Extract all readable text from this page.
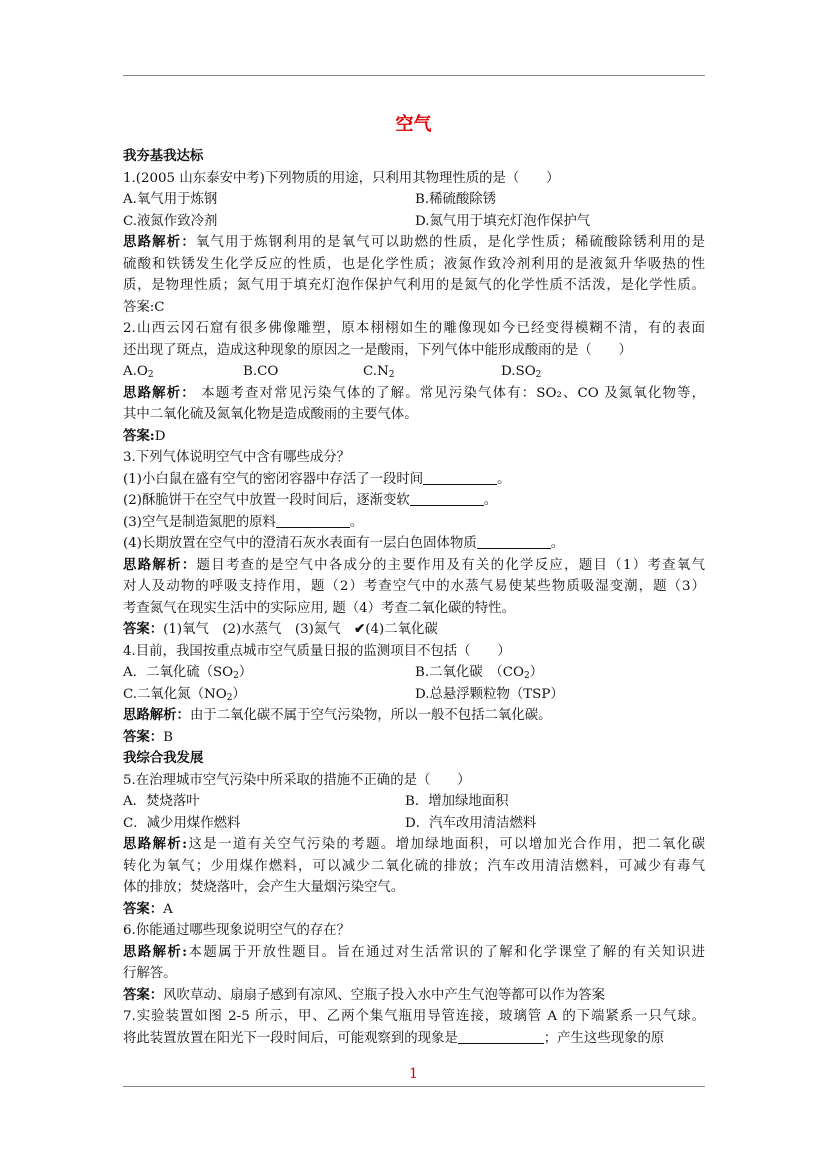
空气
我夯基我达标
1.(2005 山东泰安中考)下列物质的用途，只利用其物理性质的是（　　）
A.氧气用于炼钢	B.稀硫酸除锈
C.液氮作致冷剂	D.氮气用于填充灯泡作保护气
思路解析：氧气用于炼钢利用的是氧气可以助燃的性质，是化学性质；稀硫酸除锈利用的是
硫酸和铁锈发生化学反应的性质，也是化学性质；液氮作致冷剂利用的是液氮升华吸热的性
质，是物理性质；氮气用于填充灯泡作保护气利用的是氮气的化学性质不活泼，是化学性质。
答案:C
2.山西云冈石窟有很多佛像雕塑，原本栩栩如生的雕像现如今已经变得模糊不清，有的表面
还出现了斑点，造成这种现象的原因之一是酸雨，下列气体中能形成酸雨的是（　　）
$A.O_2$	B.CO	$C.N_2$	$D.SO_2$
思路解析： 本题考查对常见污染气体的了解。常见污染气体有：SO₂、CO 及氮氧化物等，
其中二氧化硫及氮氧化物是造成酸雨的主要气体。
答案:D
3.下列气体说明空气中含有哪些成分？
(1)小白鼠在盛有空气的密闭容器中存活了一段时间	。
(2)酥脆饼干在空气中放置一段时间后，逐渐变软	。
(3)空气是制造氮肥的原料	。
(4)长期放置在空气中的澄清石灰水表面有一层白色固体物质	。
思路解析：题目考查的是空气中各成分的主要作用及有关的化学反应，题目（1）考查氧气
对人及动物的呼吸支持作用，题（2）考查空气中的水蒸气易使某些物质吸湿变潮，题（3）
考查氮气在现实生活中的实际应用, 题（4）考查二氧化碳的特性。
答案：(1)氧气　(2)水蒸气　(3)氮气　✔(4)二氧化碳
4.目前，我国按重点城市空气质量日报的监测项目不包括（　　）
A．二氧化硫$(SO_2)$	B.二氧化碳　$(CO_2)$
C.二氧化氮$(NO_2)$	D.总悬浮颗粒物（TSP）
思路解析：由于二氧化碳不属于空气污染物，所以一般不包括二氧化碳。
答案：B
我综合我发展
5.在治理城市空气污染中所采取的措施不正确的是（　　）
A．焚烧落叶	B．增加绿地面积
C．减少用煤作燃料	D．汽车改用清洁燃料
思路解析:这是一道有关空气污染的考题。增加绿地面积，可以增加光合作用，把二氧化碳
转化为氧气；少用煤作燃料，可以减少二氧化硫的排放；汽车改用清洁燃料，可减少有毒气
体的排放；焚烧落叶，会产生大量烟污染空气。
答案：A
6.你能通过哪些现象说明空气的存在？
思路解析:本题属于开放性题目。旨在通过对生活常识的了解和化学课堂了解的有关知识进
行解答。
答案：风吹草动、扇扇子感到有凉风、空瓶子投入水中产生气泡等都可以作为答案
7.实验装置如图 2-5 所示，甲、乙两个集气瓶用导管连接，玻璃管 A 的下端紧系一只气球。
将此装置放置在阳光下一段时间后，可能观察到的现象是	；产生这些现象的原
1
